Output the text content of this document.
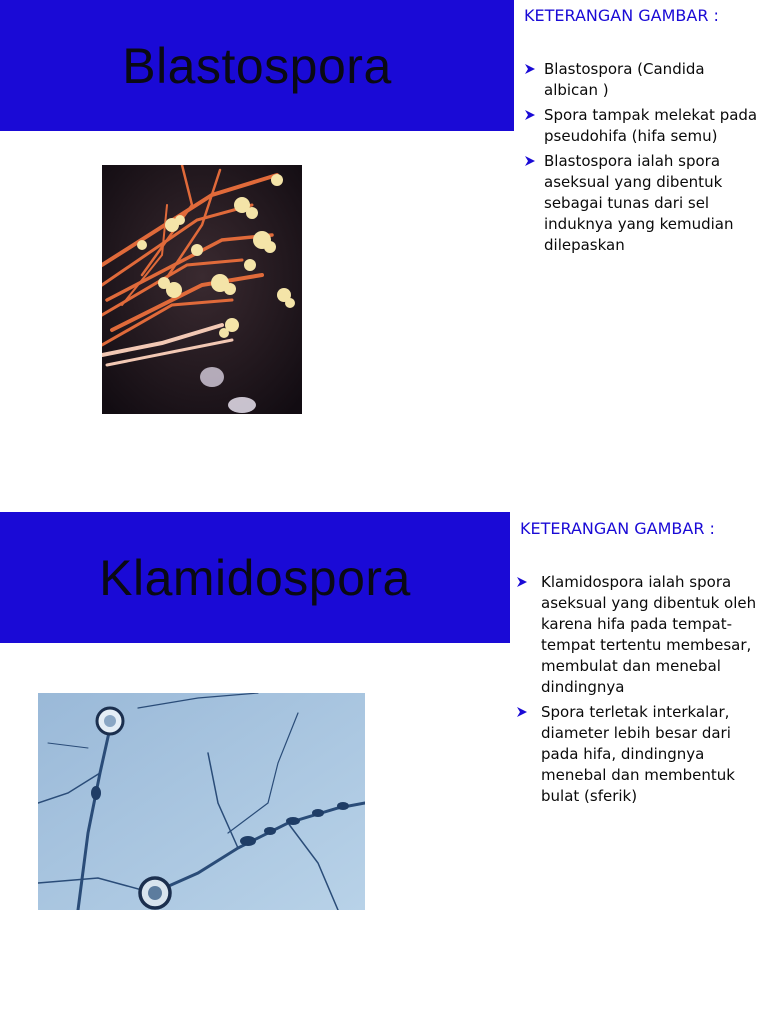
Blastospora
KETERANGAN GAMBAR :
Blastospora (Candida albican )
Spora tampak melekat pada pseudohifa (hifa semu)
Blastospora ialah spora aseksual yang dibentuk sebagai tunas dari sel induknya yang kemudian dilepaskan
Klamidospora
KETERANGAN GAMBAR :
Klamidospora ialah spora aseksual yang dibentuk oleh karena hifa pada tempat-tempat tertentu membesar, membulat dan menebal dindingnya
Spora terletak interkalar, diameter lebih besar dari pada hifa, dindingnya menebal dan membentuk bulat (sferik)
